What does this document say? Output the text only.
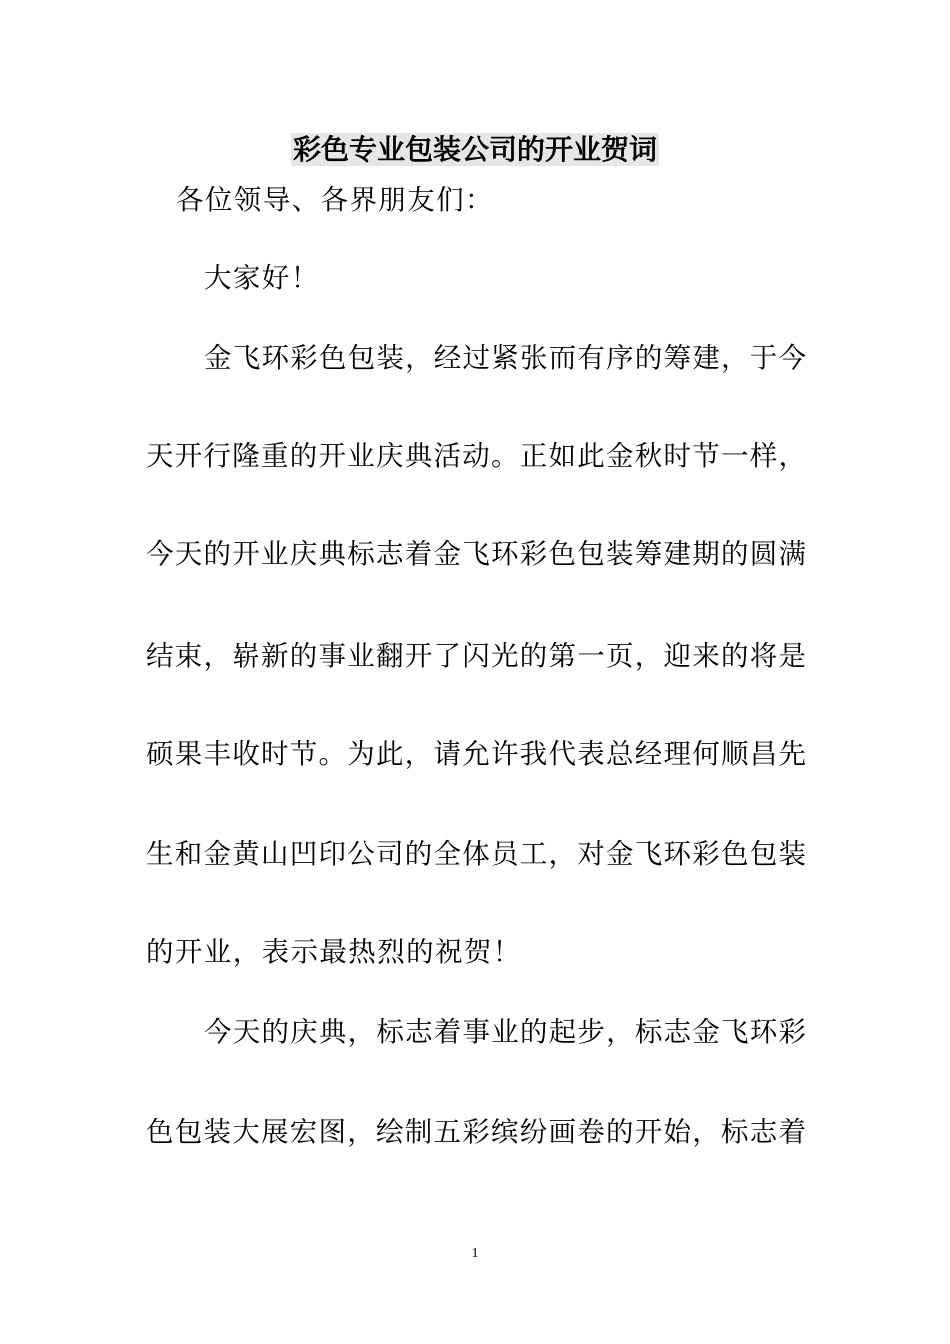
彩色专业包装公司的开业贺词
各位领导、各界朋友们：
大家好！
金飞环彩色包装，经过紧张而有序的筹建，于今
天开行隆重的开业庆典活动。正如此金秋时节一样，
今天的开业庆典标志着金飞环彩色包装筹建期的圆满
结束，崭新的事业翻开了闪光的第一页，迎来的将是
硕果丰收时节。为此，请允许我代表总经理何顺昌先
生和金黄山凹印公司的全体员工，对金飞环彩色包装
的开业，表示最热烈的祝贺！
今天的庆典，标志着事业的起步，标志金飞环彩
色包装大展宏图，绘制五彩缤纷画卷的开始，标志着
1
